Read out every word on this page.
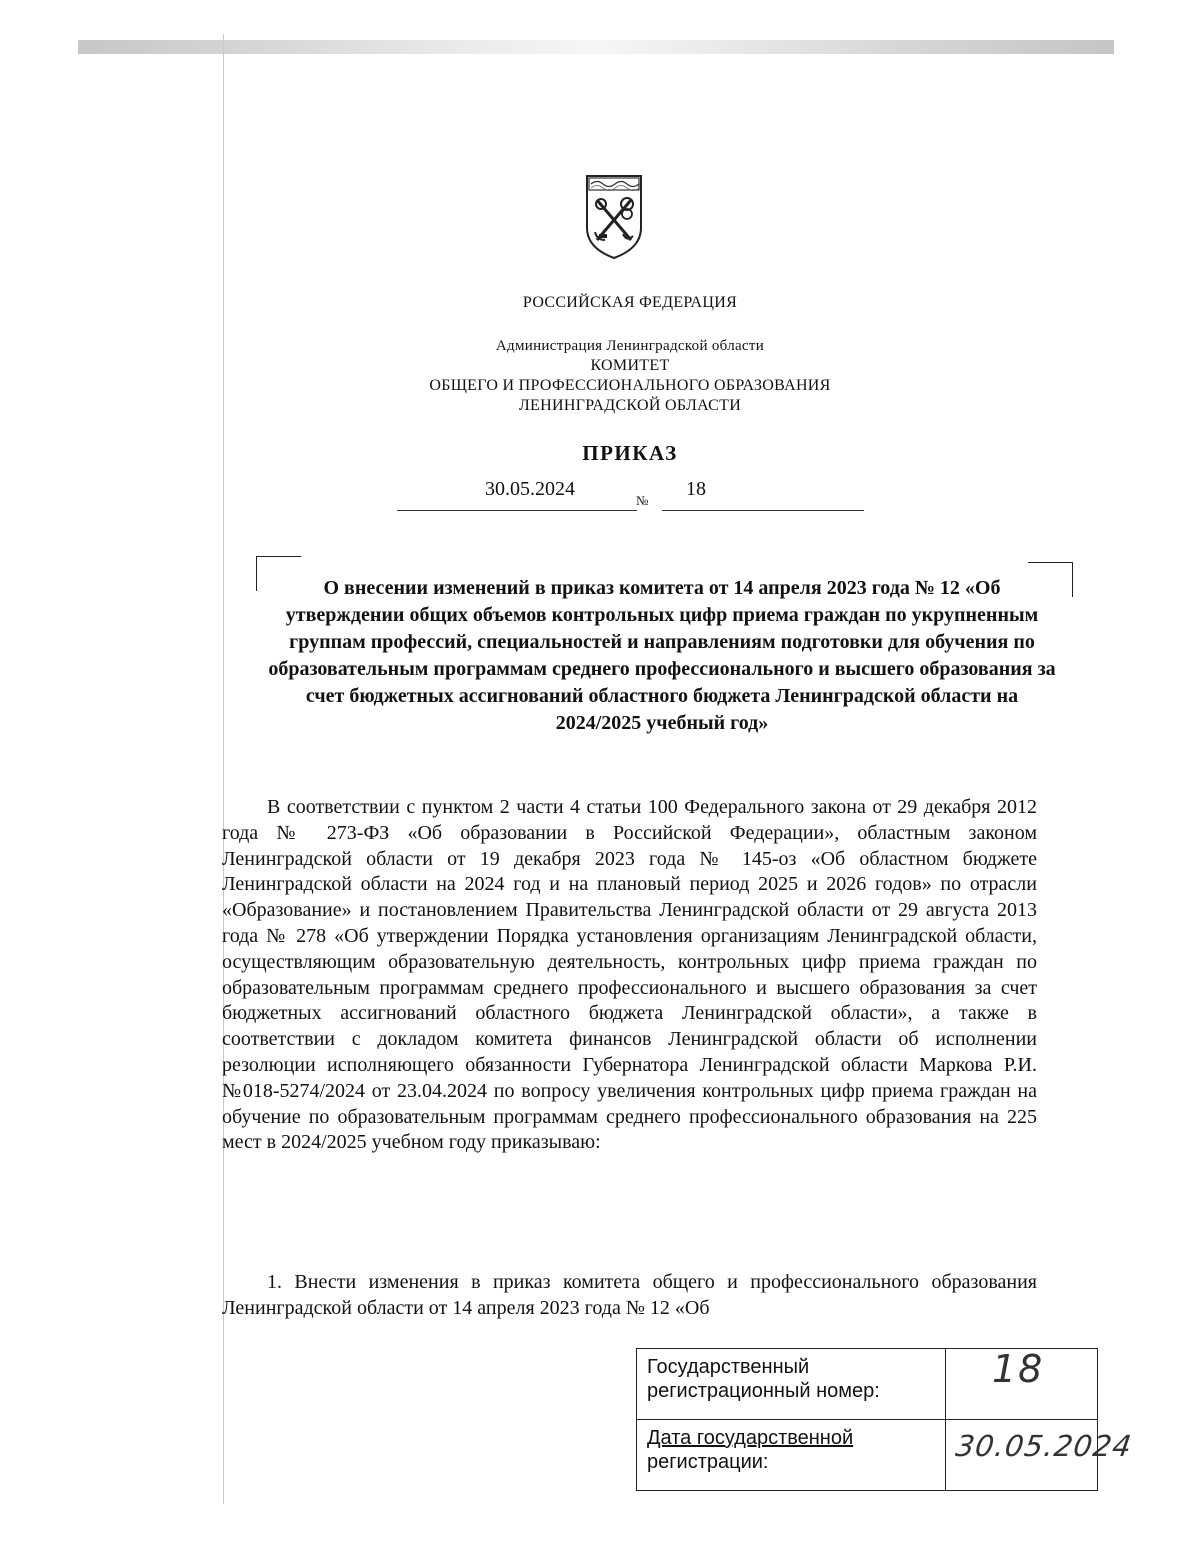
РОССИЙСКАЯ ФЕДЕРАЦИЯ
Администрация Ленинградской области
КОМИТЕТ
ОБЩЕГО И ПРОФЕССИОНАЛЬНОГО ОБРАЗОВАНИЯ
ЛЕНИНГРАДСКОЙ ОБЛАСТИ
ПРИКАЗ
30.05.2024
№
18
О внесении изменений в приказ комитета от 14 апреля 2023 года № 12 «Об утверждении общих объемов контрольных цифр приема граждан по укрупненным группам профессий, специальностей и направлениям подготовки для обучения по образовательным программам среднего профессионального и высшего образования за счет бюджетных ассигнований областного бюджета Ленинградской области на 2024/2025 учебный год»

В соответствии с пунктом 2 части 4 статьи 100 Федерального закона от 29 декабря 2012 года № 273-ФЗ «Об образовании в Российской Федерации», областным законом Ленинградской области от 19 декабря 2023 года № 145-оз «Об областном бюджете Ленинградской области на 2024 год и на плановый период 2025 и 2026 годов» по отрасли «Образование» и постановлением Правительства Ленинградской области от 29 августа 2013 года № 278 «Об утверждении Порядка установления организациям Ленинградской области, осуществляющим образовательную деятельность, контрольных цифр приема граждан по образовательным программам среднего профессионального и высшего образования за счет бюджетных ассигнований областного бюджета Ленинградской области», а также в соответствии с докладом комитета финансов Ленинградской области об исполнении резолюции исполняющего обязанности Губернатора Ленинградской области Маркова Р.И. №018-5274/2024 от 23.04.2024 по вопросу увеличения контрольных цифр приема граждан на обучение по образовательным программам среднего профессионального образования на 225 мест в 2024/2025 учебном году приказываю:

1. Внести изменения в приказ комитета общего и профессионального образования Ленинградской области от 14 апреля 2023 года № 12 «Об

Государственный
регистрационный номер:	18

Дата государственной
регистрации:	30.05.2024
